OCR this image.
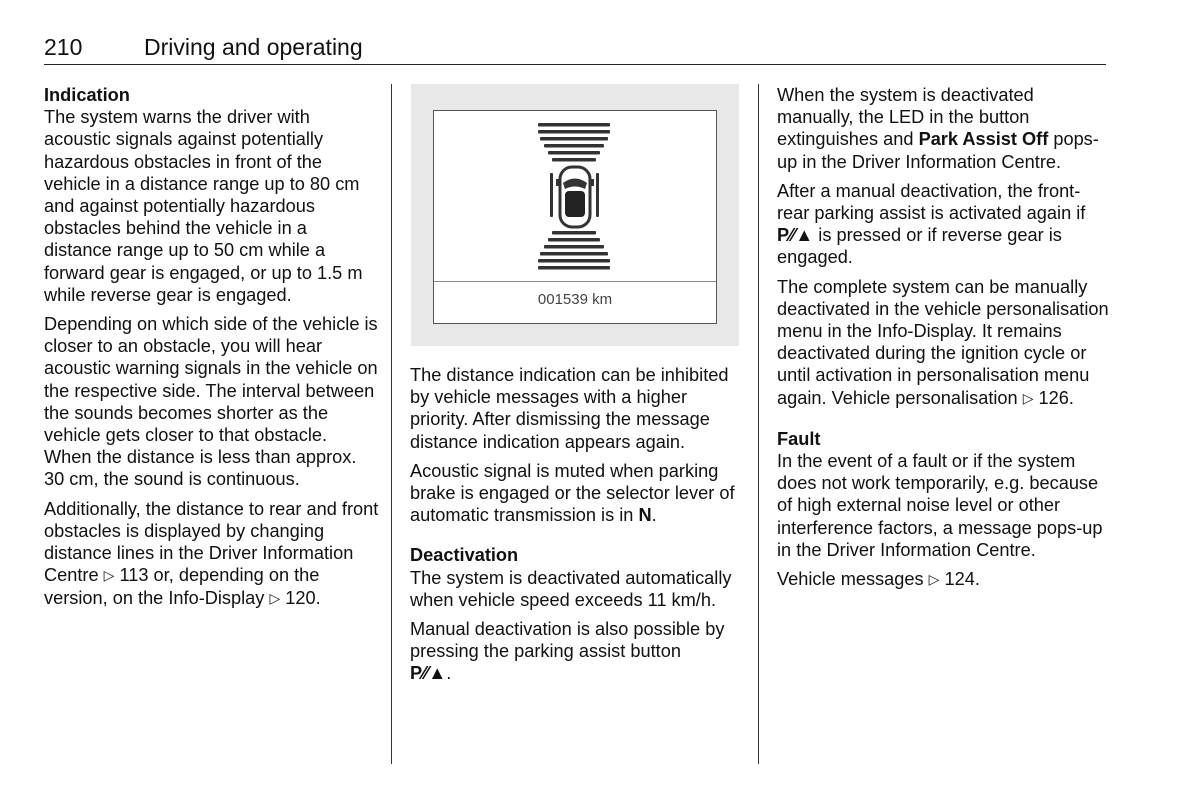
210	Driving and operating
Indication

The system warns the driver with acoustic signals against potentially hazardous obstacles in front of the vehicle in a distance range up to 80 cm and against potentially hazardous obstacles behind the vehicle in a distance range up to 50 cm while a forward gear is engaged, or up to 1.5 m while reverse gear is engaged.

Depending on which side of the vehicle is closer to an obstacle, you will hear acoustic warning signals in the vehicle on the respective side. The interval between the sounds becomes shorter as the vehicle gets closer to that obstacle. When the distance is less than approx. 30 cm, the sound is continuous.

Additionally, the distance to rear and front obstacles is displayed by changing distance lines in the Driver Information Centre ▷ 113 or, depending on the version, on the Info-Display ▷ 120.

001539 km

The distance indication can be inhibited by vehicle messages with a higher priority. After dismissing the message distance indication appears again.

Acoustic signal is muted when parking brake is engaged or the selector lever of automatic transmission is in N.

Deactivation

The system is deactivated automatically when vehicle speed exceeds 11 km/h.

Manual deactivation is also possible by pressing the parking assist button
P⁄⁄▲.

When the system is deactivated manually, the LED in the button extinguishes and Park Assist Off pops-up in the Driver Information Centre.

After a manual deactivation, the front-rear parking assist is activated again if P⁄⁄▲ is pressed or if reverse gear is engaged.

The complete system can be manually deactivated in the vehicle personalisation menu in the Info-Display. It remains deactivated during the ignition cycle or until activation in personalisation menu again. Vehicle personalisation ▷ 126.

Fault

In the event of a fault or if the system does not work temporarily, e.g. because of high external noise level or other interference factors, a message pops-up in the Driver Information Centre.

Vehicle messages ▷ 124.
